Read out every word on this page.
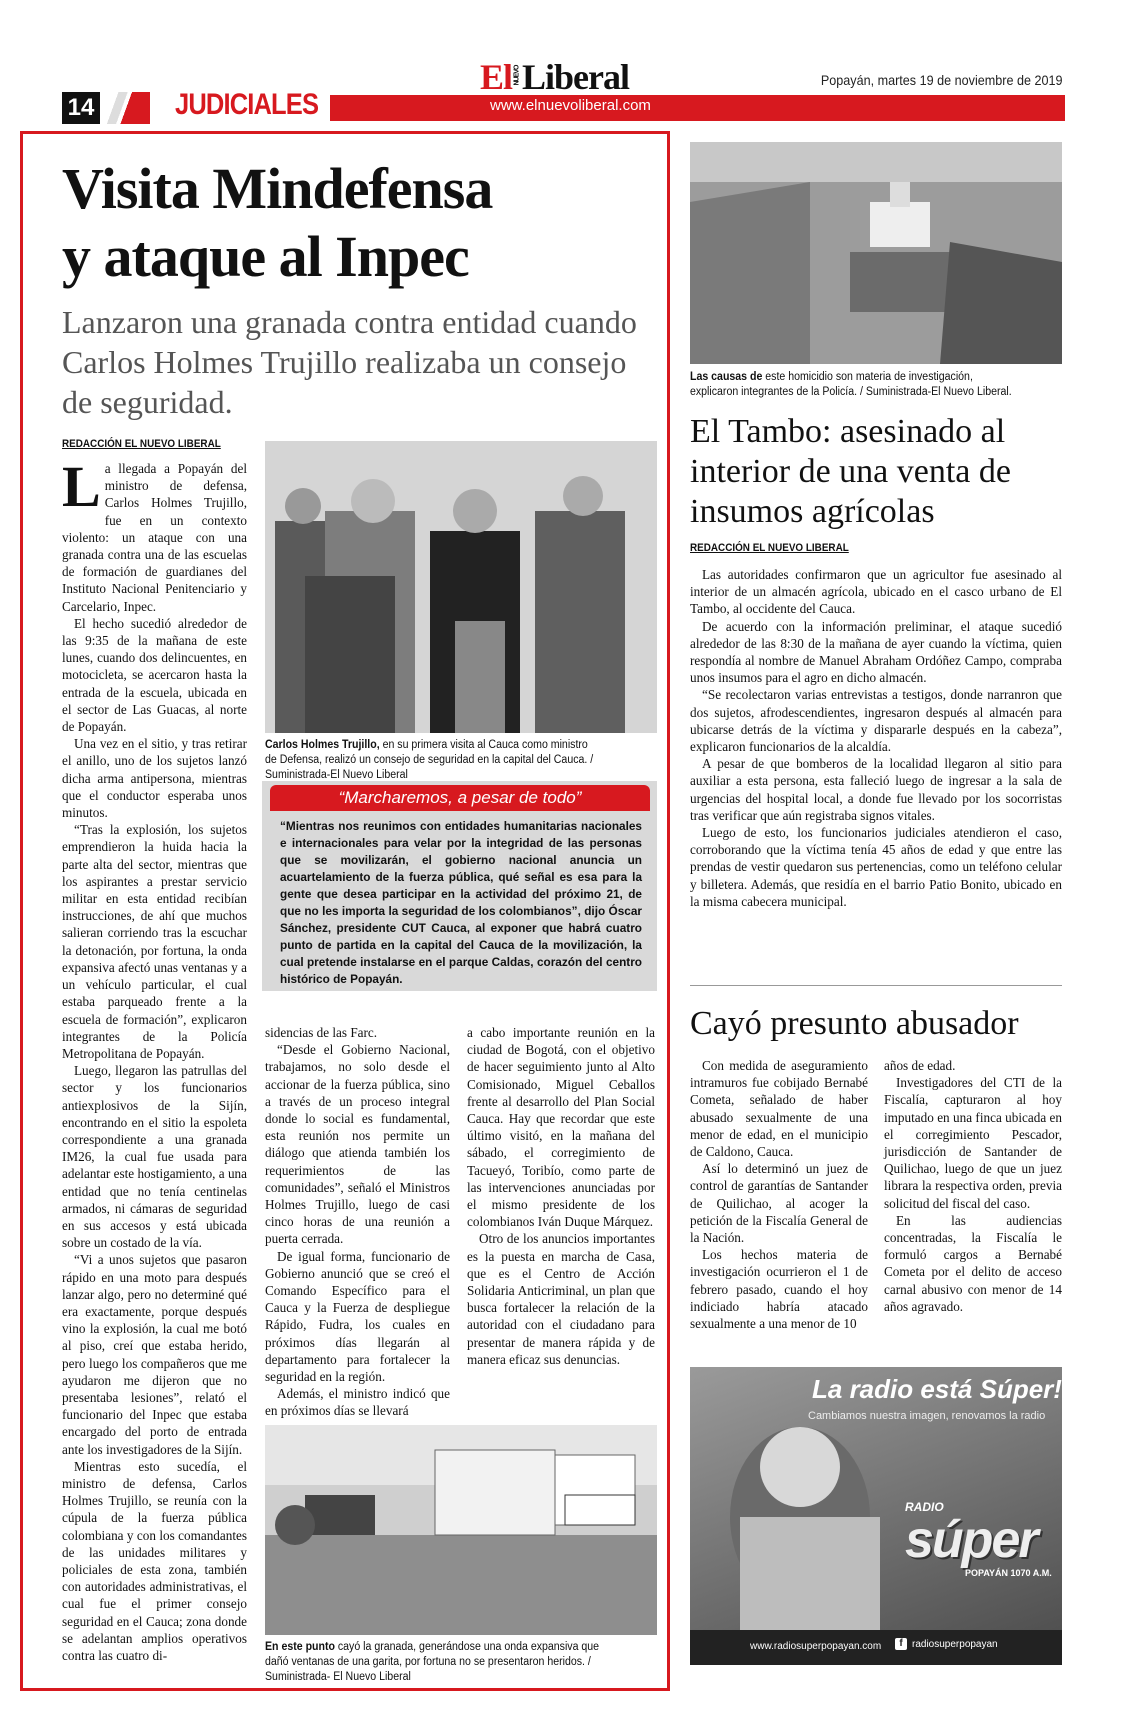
14	JUDICIALES
El NUEVOLiberal
www.elnuevoliberal.com
Popayán, martes 19 de noviembre de 2019
Visita Mindefensa
y ataque al Inpec
Lanzaron una granada contra entidad cuando Carlos Holmes Trujillo realizaba un consejo de seguridad.
REDACCIÓN EL NUEVO LIBERAL
L a llegada a Popayán del ministro de defensa, Carlos Holmes Trujillo, fue en un contexto violento: un ataque con una granada contra una de las escuelas de formación de guardianes del Instituto Nacional Penitenciario y Carcelario, Inpec.

El hecho sucedió alrededor de las 9:35 de la mañana de este lunes, cuando dos delincuentes, en motocicleta, se acercaron hasta la entrada de la escuela, ubicada en el sector de Las Guacas, al norte de Popayán.

Una vez en el sitio, y tras retirar el anillo, uno de los sujetos lanzó dicha arma antipersona, mientras que el conductor esperaba unos minutos.

“Tras la explosión, los sujetos emprendieron la huida hacia la parte alta del sector, mientras que los aspirantes a prestar servicio militar en esta entidad recibían instrucciones, de ahí que muchos salieran corriendo tras la escuchar la detonación, por fortuna, la onda expansiva afectó unas ventanas y a un vehículo particular, el cual estaba parqueado frente a la escuela de formación”, explicaron integrantes de la Policía Metropolitana de Popayán.

Luego, llegaron las patrullas del sector y los funcionarios antiexplosivos de la Sijín, encontrando en el sitio la espoleta correspondiente a una granada IM26, la cual fue usada para adelantar este hostigamiento, a una entidad que no tenía centinelas armados, ni cámaras de seguridad en sus accesos y está ubicada sobre un costado de la vía.

“Vi a unos sujetos que pasaron rápido en una moto para después lanzar algo, pero no determiné qué era exactamente, porque después vino la explosión, la cual me botó al piso, creí que estaba herido, pero luego los compañeros que me ayudaron me dijeron que no presentaba lesiones”, relató el funcionario del Inpec que estaba encargado del porto de entrada ante los investigadores de la Sijín.

Mientras esto sucedía, el ministro de defensa, Carlos Holmes Trujillo, se reunía con la cúpula de la fuerza pública colombiana y con los comandantes de las unidades militares y policiales de esta zona, también con autoridades administrativas, el cual fue el primer consejo seguridad en el Cauca; zona donde se adelantan amplios operativos contra las cuatro di-

Carlos Holmes Trujillo, en su primera visita al Cauca como ministro de Defensa, realizó un consejo de seguridad en la capital del Cauca. / Suministrada-El Nuevo Liberal
“Marcharemos, a pesar de todo”
“Mientras nos reunimos con entidades humanitarias nacionales e internacionales para velar por la integridad de las personas que se movilizarán, el gobierno nacional anuncia un acuartelamiento de la fuerza pública, qué señal es esa para la gente que desea participar en la actividad del próximo 21, de que no les importa la seguridad de los colombianos”, dijo Óscar Sánchez, presidente CUT Cauca, al exponer que habrá cuatro punto de partida en la capital del Cauca de la movilización, la cual pretende instalarse en el parque Caldas, corazón del centro histórico de Popayán.

sidencias de las Farc.

“Desde el Gobierno Nacional, trabajamos, no solo desde el accionar de la fuerza pública, sino a través de un proceso integral donde lo social es fundamental, esta reunión nos permite un diálogo que atienda también los requerimientos de las comunidades”, señaló el Ministros Holmes Trujillo, luego de casi cinco horas de una reunión a puerta cerrada.

De igual forma, funcionario de Gobierno anunció que se creó el Comando Específico para el Cauca y la Fuerza de despliegue Rápido, Fudra, los cuales en próximos días llegarán al departamento para fortalecer la seguridad en la región.

Además, el ministro indicó que en próximos días se llevará

a cabo importante reunión en la ciudad de Bogotá, con el objetivo de hacer seguimiento junto al Alto Comisionado, Miguel Ceballos frente al desarrollo del Plan Social Cauca. Hay que recordar que este último visitó, en la mañana del sábado, el corregimiento de Tacueyó, Toribío, como parte de las intervenciones anunciadas por el mismo presidente de los colombianos Iván Duque Márquez.

Otro de los anuncios importantes es la puesta en marcha de Casa, que es el Centro de Acción Solidaria Anticriminal, un plan que busca fortalecer la relación de la autoridad con el ciudadano para presentar de manera rápida y de manera eficaz sus denuncias.

En este punto cayó la granada, generándose una onda expansiva que dañó ventanas de una garita, por fortuna no se presentaron heridos. / Suministrada- El Nuevo Liberal
Las causas de este homicidio son materia de investigación, explicaron integrantes de la Policía. / Suministrada-El Nuevo Liberal.
El Tambo: asesinado al interior de una venta de insumos agrícolas
REDACCIÓN EL NUEVO LIBERAL

Las autoridades confirmaron que un agricultor fue asesinado al interior de un almacén agrícola, ubicado en el casco urbano de El Tambo, al occidente del Cauca.

De acuerdo con la información preliminar, el ataque sucedió alrededor de las 8:30 de la mañana de ayer cuando la víctima, quien respondía al nombre de Manuel Abraham Ordóñez Campo, compraba unos insumos para el agro en dicho almacén.

“Se recolectaron varias entrevistas a testigos, donde narranron que dos sujetos, afrodescendientes, ingresaron después al almacén para ubicarse detrás de la víctima y dispararle después en la cabeza”, explicaron funcionarios de la alcaldía.

A pesar de que bomberos de la localidad llegaron al sitio para auxiliar a esta persona, esta falleció luego de ingresar a la sala de urgencias del hospital local, a donde fue llevado por los socorristas tras verificar que aún registraba signos vitales.

Luego de esto, los funcionarios judiciales atendieron el caso, corroborando que la víctima tenía 45 años de edad y que entre las prendas de vestir quedaron sus pertenencias, como un teléfono celular y billetera. Además, que residía en el barrio Patio Bonito, ubicado en la misma cabecera municipal.

Cayó presunto abusador

Con medida de aseguramiento intramuros fue cobijado Bernabé Cometa, señalado de haber abusado sexualmente de una menor de edad, en el municipio de Caldono, Cauca.

Así lo determinó un juez de control de garantías de Santander de Quilichao, al acoger la petición de la Fiscalía General de la Nación.

Los hechos materia de investigación ocurrieron el 1 de febrero pasado, cuando el hoy indiciado habría atacado sexualmente a una menor de 10

años de edad.

Investigadores del CTI de la Fiscalía, capturaron al hoy imputado en una finca ubicada en el corregimiento Pescador, jurisdicción de Santander de Quilichao, luego de que un juez librara la respectiva orden, previa solicitud del fiscal del caso.

En las audiencias concentradas, la Fiscalía le formuló cargos a Bernabé Cometa por el delito de acceso carnal abusivo con menor de 14 años agravado.

La radio está Súper!
Cambiamos nuestra imagen, renovamos la radio
RADIO
súper
POPAYÁN 1070 A.M.
www.radiosuperpopayan.com	f radiosuperpopayan
